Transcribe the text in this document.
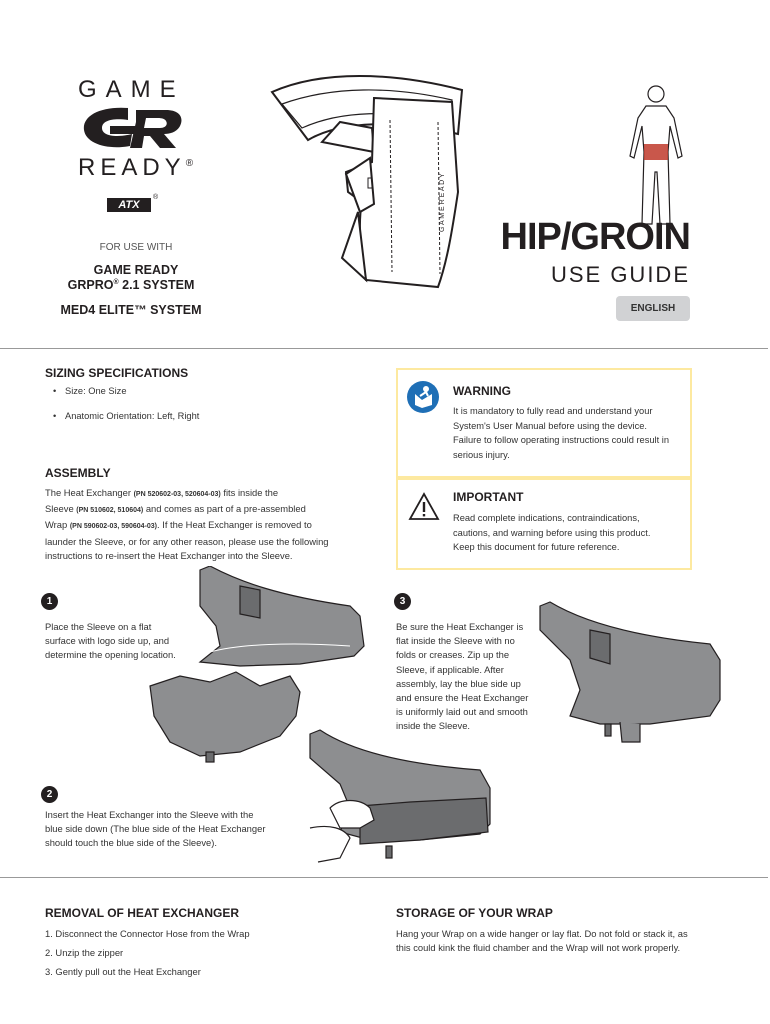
GAME
READY®
ATX
®
FOR USE WITH
GAME READY
GRPRO® 2.1 SYSTEM
MED4 ELITE™ SYSTEM
G A M E R E A D Y
HIP/GROIN
USE GUIDE
ENGLISH
SIZING SPECIFICATIONS
• Size: One Size
• Anatomic Orientation: Left, Right
WARNING
It is mandatory to fully read and understand your
System's User Manual before using the device.
Failure to follow operating instructions could result in
serious injury.
IMPORTANT
Read complete indications, contraindications,
cautions, and warning before using this product.
Keep this document for future reference.
ASSEMBLY
The Heat Exchanger (PN 520602-03, 520604-03) fits inside the
Sleeve (PN 510602, 510604) and comes as part of a pre-assembled
Wrap (PN 590602-03, 590604-03). If the Heat Exchanger is removed to
launder the Sleeve, or for any other reason, please use the following
instructions to re-insert the Heat Exchanger into the Sleeve.
1
Place the Sleeve on a flat
surface with logo side up, and
determine the opening location.
3
Be sure the Heat Exchanger is
flat inside the Sleeve with no
folds or creases. Zip up the
Sleeve, if applicable. After
assembly, lay the blue side up
and ensure the Heat Exchanger
is uniformly laid out and smooth
inside the Sleeve.
2
Insert the Heat Exchanger into the Sleeve with the
blue side down (The blue side of the Heat Exchanger
should touch the blue side of the Sleeve).
REMOVAL OF HEAT EXCHANGER
1. Disconnect the Connector Hose from the Wrap
2. Unzip the zipper
3. Gently pull out the Heat Exchanger
STORAGE OF YOUR WRAP
Hang your Wrap on a wide hanger or lay flat. Do not fold or stack it, as
this could kink the fluid chamber and the Wrap will not work properly.
